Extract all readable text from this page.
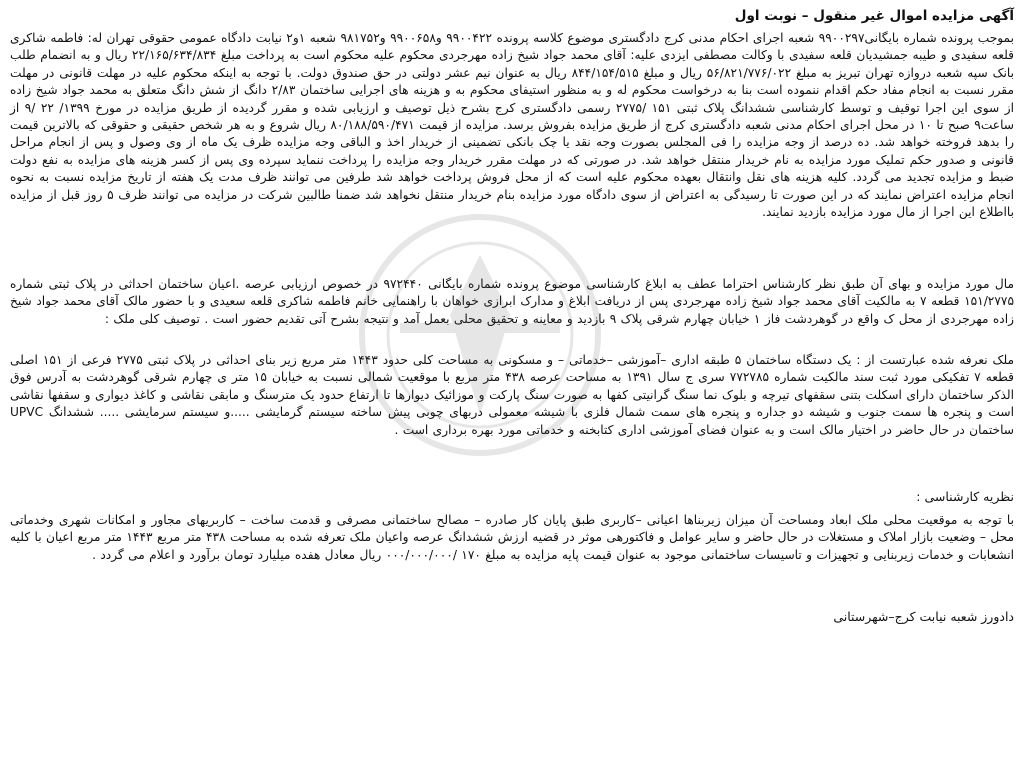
آگهی مزایده اموال غیر منقول – نوبت اول

بموجب پرونده شماره بایگانی۹۹۰۰۲۹۷ شعبه اجرای احکام مدنی کرج دادگستری موضوع کلاسه پرونده ۹۹۰۰۴۲۲ و۹۹۰۰۶۵۸ و۹۸۱۷۵۲ شعبه ۱و۲ نیابت دادگاه عمومی حقوقی تهران له: فاطمه شاکری قلعه سفیدی و طیبه جمشیدیان قلعه سفیدی با وکالت مصطفی ایزدی علیه: آقای محمد جواد شیخ زاده مهرجردی محکوم علیه محکوم است به پرداخت مبلغ ۲۲/۱۶۵/۶۳۴/۸۳۴ ریال و به انضمام طلب بانک سپه شعبه دروازه تهران تبریز به مبلغ ۵۶/۸۲۱/۷۷۶/۰۲۲ ریال و مبلغ ۸۴۴/۱۵۴/۵۱۵ ریال به عنوان نیم عشر دولتی در حق صندوق دولت. با توجه به اینکه محکوم علیه در مهلت قانونی در مهلت مقرر نسبت به انجام مفاد حکم اقدام ننموده است بنا به درخواست محکوم له و به منظور استیفای محکوم به و هزینه های اجرایی ساختمان ۲/۸۳ دانگ از شش دانگ متعلق به محمد جواد شیخ زاده از سوی این اجرا توقیف و توسط کارشناسی ششدانگ پلاک ثبتی ۱۵۱ /۲۷۷۵ رسمی دادگستری کرج بشرح ذیل توصیف و ارزیابی شده و مقرر گردیده از طریق مزایده در مورخ ۱۳۹۹/ ۲۲ /۹ از ساعت۹ صبح تا ۱۰ در محل اجرای احکام مدنی شعبه دادگستری کرج از طریق مزایده بفروش برسد. مزایده از قیمت ۸۰/۱۸۸/۵۹۰/۴۷۱ ریال شروع و به هر شخص حقیقی و حقوقی که بالاترین قیمت را بدهد فروخته خواهد شد. ده درصد از وجه مزایده را فی المجلس بصورت وجه نقد یا چک بانکی تضمینی از خریدار اخذ و الباقی وجه مزایده ظرف یک ماه از وی وصول و پس از انجام مراحل قانونی و صدور حکم تملیک مورد مزایده به نام خریدار منتقل خواهد شد. در صورتی که در مهلت مقرر خریدار وجه مزایده را پرداخت ننماید سپرده وی پس از کسر هزینه های مزایده به نفع دولت ضبط و مزایده تجدید می گردد. کلیه هزینه های نقل وانتقال بعهده محکوم علیه است که از محل فروش پرداخت خواهد شد طرفین می توانند ظرف مدت یک هفته از تاریخ مزایده نسبت به نحوه انجام مزایده اعتراض نمایند که در این صورت تا رسیدگی به اعتراض از سوی دادگاه مورد مزایده بنام خریدار منتقل نخواهد شد ضمنا طالبین شرکت در مزایده می توانند ظرف ۵ روز قبل از مزایده بااطلاع این اجرا از مال مورد مزایده بازدید نمایند.

مال مورد مزایده و بهای آن طبق نظر کارشناس احتراما عطف به ابلاغ کارشناسی موضوع پرونده شماره بایگانی ۹۷۲۴۴۰ در خصوص ارزیابی عرصه .اعیان ساختمان احداثی در پلاک ثبتی شماره ۱۵۱/۲۷۷۵ قطعه ۷ به مالکیت آقای محمد جواد شیخ زاده مهرجردی پس از دریافت ابلاغ و مدارک ابرازی خواهان با راهنمایی خانم فاطمه شاکری قلعه سعیدی و با حضور مالک آقای محمد جواد شیخ زاده مهرجردی از محل ک واقع در گوهردشت فاز ۱ خیابان چهارم شرقی پلاک ۹ بازدید و معاینه و تحقیق محلی بعمل آمد و نتیجه بشرح آتی تقدیم حضور است . توصیف کلی ملک :

ملک نعرفه شده عبارتست از : یک دستگاه ساختمان ۵ طبقه اداری –آموزشی –خدماتی – و مسکونی به مساحت کلی حدود ۱۴۴۳ متر مربع زیر بنای احداثی در پلاک ثبتی ۲۷۷۵ فرعی از ۱۵۱ اصلی قطعه ۷ تفکیکی مورد ثبت سند مالکیت شماره ۷۷۲۷۸۵ سری ج سال ۱۳۹۱ به مساحت عرصه ۴۳۸ متر مربع با موقعیت شمالی نسبت به خیابان ۱۵ متر ی چهارم شرقی گوهردشت به آدرس فوق الذکر ساختمان دارای اسکلت بتنی سقفهای تیرچه و بلوک نما سنگ گرانیتی کفها به صورت سنگ پارکت و موزائیک دیوارها تا ارتفاع حدود یک مترسنگ و مابقی نقاشی و کاغذ دیواری و سقفها نقاشی است و پنجره ها سمت جنوب و شیشه دو جداره و پنجره های سمت شمال فلزی با شیشه معمولی دربهای چوبی پیش ساخته سیستم گرمایشی .....و سیستم سرمایشی ..... ششدانگ UPVC ساختمان در حال حاضر در اختیار مالک است و به عنوان فضای آموزشی اداری کتابخنه و خدماتی مورد بهره برداری است .

نظریه کارشناسی :

با توجه به موقعیت محلی ملک ابعاد ومساحت آن میزان زیربناها اعیانی –کاربری طبق پایان کار صادره – مصالح ساختمانی مصرفی و قدمت ساخت – کاربریهای مجاور و امکانات شهری وخدماتی محل – وضعیت بازار املاک و مستغلات در حال حاضر و سایر عوامل و فاکتورهی موثر در قضیه ارزش ششدانگ عرصه واعیان ملک تعرفه شده به مساحت ۴۳۸ متر مربع ۱۴۴۳ متر مربع اعیان با کلیه انشعابات و خدمات زیربنایی و تجهیزات و تاسیسات ساختمانی موجود به عنوان قیمت پایه مزایده به مبلغ ۱۷۰ /۰۰۰/۰۰۰/۰۰۰ ریال معادل هفده میلیارد تومان برآورد و اعلام می گردد .

دادورز شعبه نیابت کرج–شهرستانی
